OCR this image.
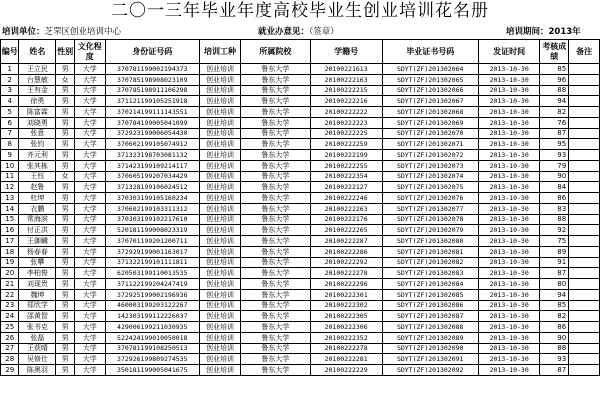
二〇一三年毕业年度高校毕业生创业培训花名册
培训单位：芝罘区创业培训中心	就业办意见：（签章）	培训期间：2013年
编号	姓名	性别	文化程度	身份证号码	培训工种	所属院校	学籍号	毕业证书号码	发证时间	考核成绩	备注
1	王立民	男	大学	370781199002194373	创业培训	鲁东大学	20100221613	SDYT(ZF)201302064	2013-10-30	85	
2	台慧敏	女	大学	370785198908023109	创业培训	鲁东大学	20100222163	SDYT(ZF)201302065	2013-10-30	96	
3	王有金	男	大学	370785198911106298	创业培训	鲁东大学	20100222215	SDYT(ZF)201302066	2013-10-30	88	
4	徐勇	男	大学	371121199105251918	创业培训	鲁东大学	20100222216	SDYT(ZF)201302067	2013-10-30	94	
5	陈富霖	男	大学	370214199111143551	创业培训	鲁东大学	20100222222	SDYT(ZF)201302068	2013-10-30	82	
6	刘晓勇	男	大学	370784199005041099	创业培训	鲁东大学	20100222223	SDYT(ZF)201302069	2013-10-30	76	
7	张意	男	大学	372923199006054430	创业培训	鲁东大学	20100222225	SDYT(ZF)201302070	2013-10-30	87	
8	张钧	男	大学	370602199105074912	创业培训	鲁东大学	20100222259	SDYT(ZF)201302071	2013-10-30	95	
9	齐元利	男	大学	371323198703081132	创业培训	鲁东大学	20100222199	SDYT(ZF)201302072	2013-10-30	93	
10	张其栋	男	大学	371423199109214117	创业培训	鲁东大学	20100222255	SDYT(ZF)201302073	2013-10-30	79	
11	王钰	女	大学	370605199207034429	创业培训	鲁东大学	20100222354	SDYT(ZF)201302074	2013-10-30	90	
12	赵鲁	男	大学	371328199106024512	创业培训	鲁东大学	20100222127	SDYT(ZF)201302075	2013-10-30	84	
13	杜坤	男	大学	370303199105160234	创业培训	鲁东大学	20100222246	SDYT(ZF)201302076	2013-10-30	86	
14	衣鹏	男	大学	370602199103311312	创业培训	鲁东大学	20100222263	SDYT(ZF)201302077	2013-10-30	83	
15	常海滨	男	大学	370303199102217610	创业培训	鲁东大学	20100222176	SDYT(ZF)201302078	2013-10-30	88	
16	付正洪	男	大学	520181199008023319	创业培训	鲁东大学	20100222265	SDYT(ZF)201302079	2013-10-30	92	
17	王御麟	男	大学	370701199201200711	创业培训	鲁东大学	20100222287	SDYT(ZF)201302080	2013-10-30	75	
18	杨春春	男	大学	372929199001163017	创业培训	鲁东大学	20100222286	SDYT(ZF)201302081	2013-10-30	89	
19	张攀	男	大学	371322199101111811	创业培训	鲁东大学	20100222292	SDYT(ZF)201302082	2013-10-30	91	
20	李柏俊	男	大学	620503199110013535	创业培训	鲁东大学	20100222278	SDYT(ZF)201302083	2013-10-30	87	
21	刘现贵	男	大学	371122199204247419	创业培训	鲁东大学	20100222296	SDYT(ZF)201302084	2013-10-30	80	
22	魏坤	男	大学	372925199002196936	创业培训	鲁东大学	20100222301	SDYT(ZF)201302085	2013-10-30	94	
23	郑欣学	男	大学	460003199203122267	创业培训	鲁东大学	20100222302	SDYT(ZF)201302086	2013-10-30	85	
24	邵黄智	男	大学	142303199112226037	创业培训	鲁东大学	20100222305	SDYT(ZF)201302087	2013-10-30	82	
25	张书克	男	大学	429006199211030935	创业培训	鲁东大学	20100222306	SDYT(ZF)201302088	2013-10-30	86	
26	张磊	男	大学	522424199010050018	创业培训	鲁东大学	20100222352	SDYT(ZF)201302089	2013-10-30	90	
27	王获晴	男	大学	370781199108250513	创业培训	鲁东大学	20100222278	SDYT(ZF)201302090	2013-10-30	88	
28	吴修仕	男	大学	372926199809274535	创业培训	鲁东大学	20100222281	SDYT(ZF)201302091	2013-10-30	93	
29	陈奥羽	男	大学	350181199005041675	创业培训	鲁东大学	20100222229	SDYT(ZF)201302092	2013-10-30	87	
